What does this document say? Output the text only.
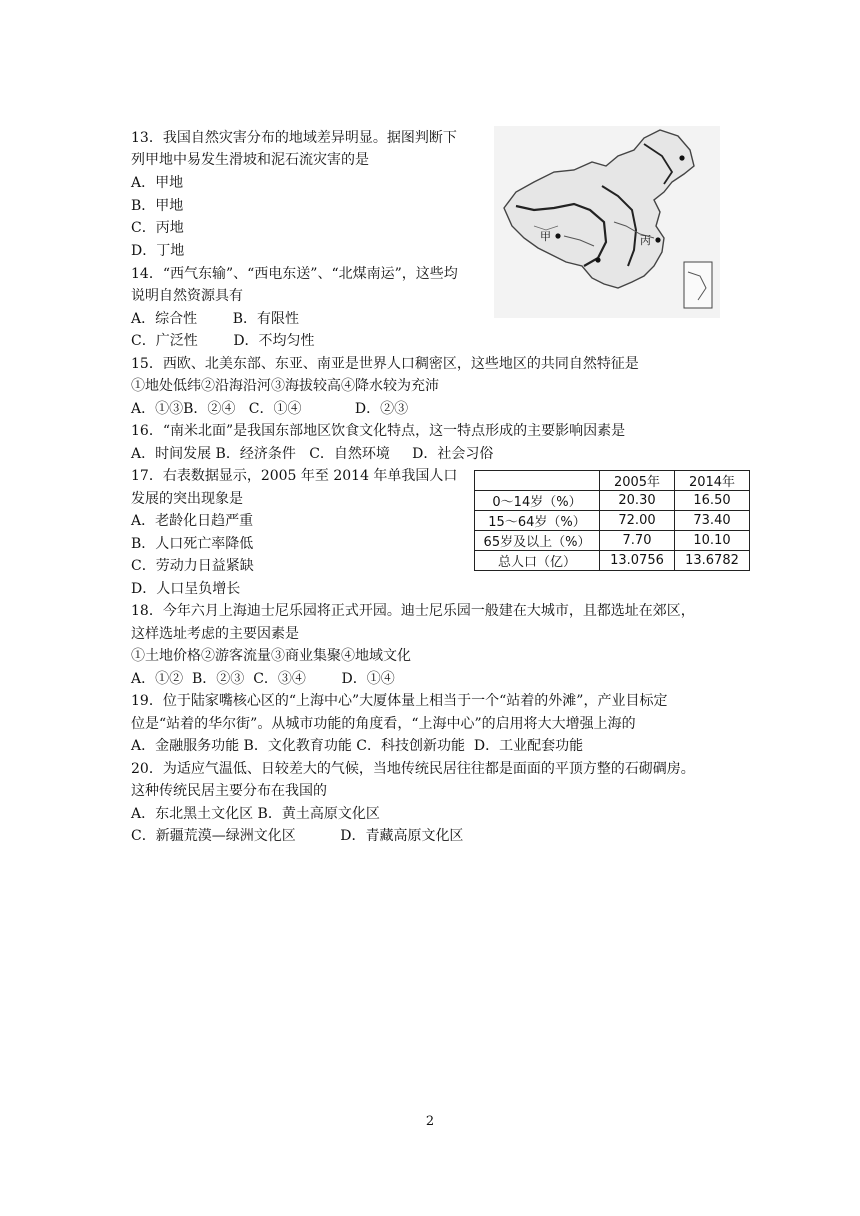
13．我国自然灾害分布的地域差异明显。据图判断下
列甲地中易发生滑坡和泥石流灾害的是
A．甲地
B．甲地
C．丙地
D．丁地
14．“西气东输”、“西电东送”、“北煤南运”，这些均
说明自然资源具有
A．综合性        B．有限性
C．广泛性        D．不均匀性
15．西欧、北美东部、东亚、南亚是世界人口稠密区，这些地区的共同自然特征是
①地处低纬②沿海沿河③海拔较高④降水较为充沛
A．①③B．②④   C．①④            D．②③
16．“南米北面”是我国东部地区饮食文化特点，这一特点形成的主要影响因素是
A．时间发展 B．经济条件   C．自然环境     D．社会习俗
17．右表数据显示，2005 年至 2014 年单我国人口
发展的突出现象是
A．老龄化日趋严重
B．人口死亡率降低
C．劳动力日益紧缺
D．人口呈负增长
18．今年六月上海迪士尼乐园将正式开园。迪士尼乐园一般建在大城市，且都选址在郊区，
这样选址考虑的主要因素是
①土地价格②游客流量③商业集聚④地域文化
A．①②  B．②③  C．③④        D．①④
19．位于陆家嘴核心区的“上海中心”大厦体量上相当于一个“站着的外滩”，产业目标定
位是“站着的华尔街”。从城市功能的角度看，“上海中心”的启用将大大增强上海的
A．金融服务功能 B．文化教育功能 C．科技创新功能  D．工业配套功能
20．为适应气温低、日较差大的气候，当地传统民居往往都是面面的平顶方整的石砌碉房。
这种传统民居主要分布在我国的
A．东北黑土文化区 B．黄土高原文化区
C．新疆荒漠—绿洲文化区          D．青藏高原文化区
甲	丙
	2005年	2014年
0～14岁（%）	20.30	16.50
15～64岁（%）	72.00	73.40
65岁及以上（%）	7.70	10.10
总人口（亿）	13.0756	13.6782
2
